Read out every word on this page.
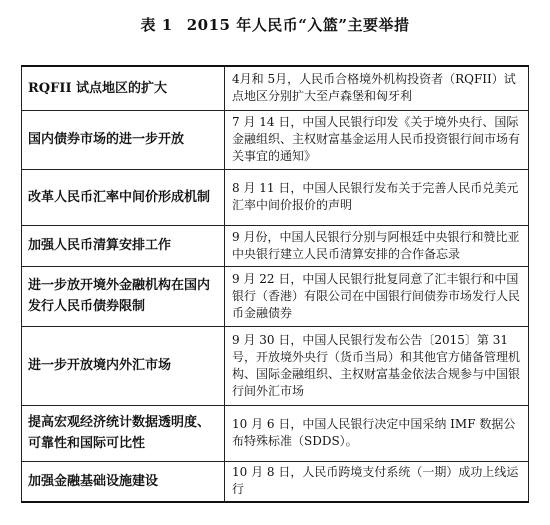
表 1 2015 年人民币“入篮”主要举措
RQFII 试点地区的扩大	4月和 5月，人民币合格境外机构投资者（RQFII）试点地区分别扩大至卢森堡和匈牙利
国内债券市场的进一步开放	7 月 14 日，中国人民银行印发《关于境外央行、国际金融组织、主权财富基金运用人民币投资银行间市场有关事宜的通知》
改革人民币汇率中间价形成机制	8 月 11 日，中国人民银行发布关于完善人民币兑美元汇率中间价报价的声明
加强人民币清算安排工作	9 月份，中国人民银行分别与阿根廷中央银行和赞比亚中央银行建立人民币清算安排的合作备忘录
进一步放开境外金融机构在国内发行人民币债券限制	9 月 22 日，中国人民银行批复同意了汇丰银行和中国银行（香港）有限公司在中国银行间债券市场发行人民币金融债券
进一步开放境内外汇市场	9 月 30 日，中国人民银行发布公告〔2015〕第 31 号，开放境外央行（货币当局）和其他官方储备管理机构、国际金融组织、主权财富基金依法合规参与中国银行间外汇市场
提高宏观经济统计数据透明度、可靠性和国际可比性	10 月 6 日，中国人民银行决定中国采纳 IMF 数据公布特殊标准（SDDS）。
加强金融基础设施建设	10 月 8 日，人民币跨境支付系统（一期）成功上线运行
